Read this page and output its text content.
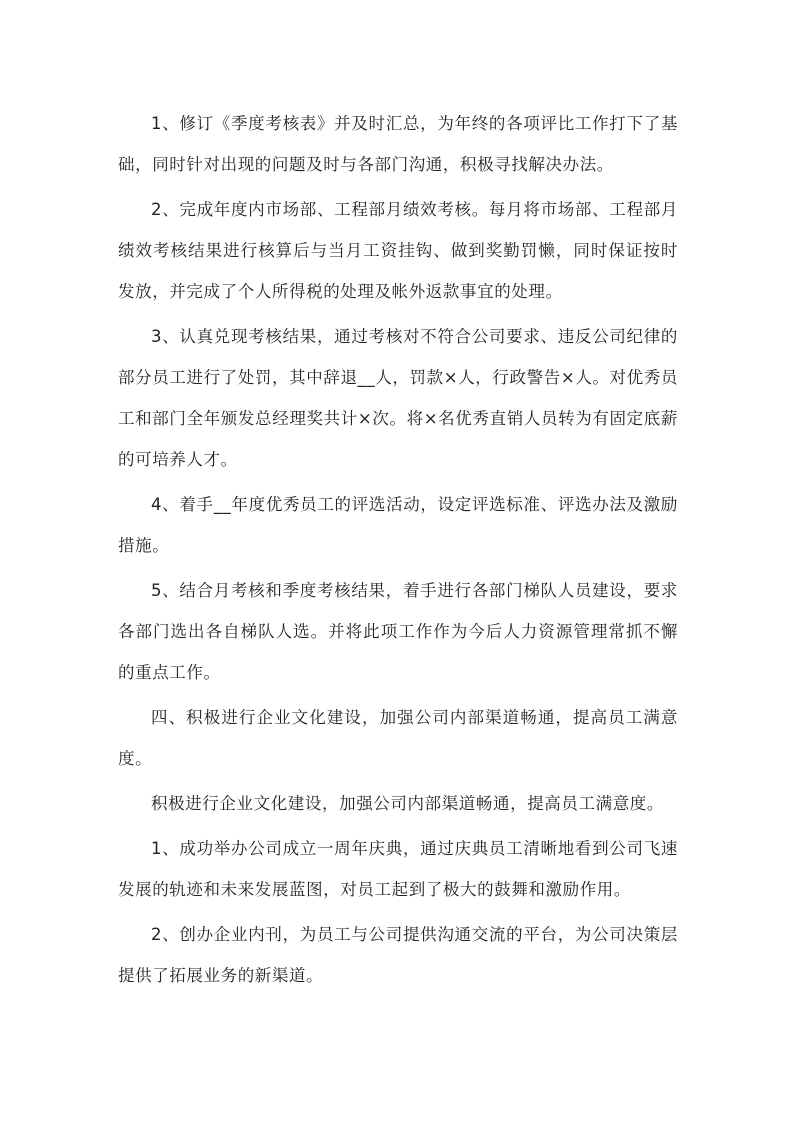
1、修订《季度考核表》并及时汇总，为年终的各项评比工作打下了基础，同时针对出现的问题及时与各部门沟通，积极寻找解决办法。

2、完成年度内市场部、工程部月绩效考核。每月将市场部、工程部月绩效考核结果进行核算后与当月工资挂钩、做到奖勤罚懒，同时保证按时发放，并完成了个人所得税的处理及帐外返款事宜的处理。

3、认真兑现考核结果，通过考核对不符合公司要求、违反公司纪律的部分员工进行了处罚，其中辞退__人，罚款×人，行政警告×人。对优秀员工和部门全年颁发总经理奖共计×次。将×名优秀直销人员转为有固定底薪的可培养人才。

4、着手__年度优秀员工的评选活动，设定评选标准、评选办法及激励措施。

5、结合月考核和季度考核结果，着手进行各部门梯队人员建设，要求各部门选出各自梯队人选。并将此项工作作为今后人力资源管理常抓不懈的重点工作。

四、积极进行企业文化建设，加强公司内部渠道畅通，提高员工满意度。

积极进行企业文化建设，加强公司内部渠道畅通，提高员工满意度。

1、成功举办公司成立一周年庆典，通过庆典员工清晰地看到公司飞速发展的轨迹和未来发展蓝图，对员工起到了极大的鼓舞和激励作用。

2、创办企业内刊，为员工与公司提供沟通交流的平台，为公司决策层提供了拓展业务的新渠道。
